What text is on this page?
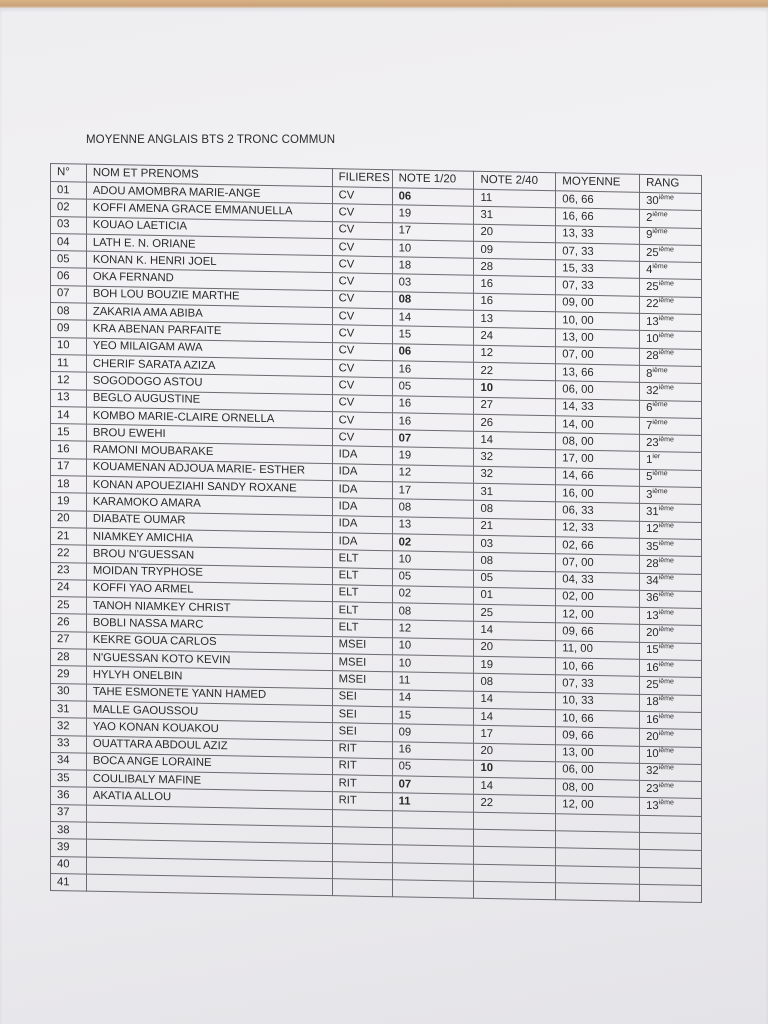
MOYENNE ANGLAIS BTS 2 TRONC COMMUN
N°	NOM ET PRENOMS	FILIERES	NOTE 1/20	NOTE 2/40	MOYENNE	RANG
01	ADOU AMOMBRA MARIE-ANGE	CV	06	11	06, 66	30ième
02	KOFFI AMENA GRACE EMMANUELLA	CV	19	31	16, 66	2ième
03	KOUAO LAETICIA	CV	17	20	13, 33	9ième
04	LATH E. N. ORIANE	CV	10	09	07, 33	25ième
05	KONAN K. HENRI JOEL	CV	18	28	15, 33	4ième
06	OKA FERNAND	CV	03	16	07, 33	25ième
07	BOH LOU BOUZIE MARTHE	CV	08	16	09, 00	22ième
08	ZAKARIA AMA ABIBA	CV	14	13	10, 00	13ième
09	KRA ABENAN PARFAITE	CV	15	24	13, 00	10ième
10	YEO MILAIGAM AWA	CV	06	12	07, 00	28ième
11	CHERIF SARATA AZIZA	CV	16	22	13, 66	8ième
12	SOGODOGO ASTOU	CV	05	10	06, 00	32ième
13	BEGLO AUGUSTINE	CV	16	27	14, 33	6ième
14	KOMBO MARIE-CLAIRE ORNELLA	CV	16	26	14, 00	7ième
15	BROU EWEHI	CV	07	14	08, 00	23ième
16	RAMONI MOUBARAKE	IDA	19	32	17, 00	$1^{ier}$
17	KOUAMENAN ADJOUA MARIE- ESTHER	IDA	12	32	14, 66	5ième
18	KONAN APOUEZIAHI SANDY ROXANE	IDA	17	31	16, 00	3ième
19	KARAMOKO AMARA	IDA	08	08	06, 33	31ième
20	DIABATE OUMAR	IDA	13	21	12, 33	12ième
21	NIAMKEY AMICHIA	IDA	02	03	02, 66	35ième
22	BROU N'GUESSAN	ELT	10	08	07, 00	28ième
23	MOIDAN TRYPHOSE	ELT	05	05	04, 33	34ième
24	KOFFI YAO ARMEL	ELT	02	01	02, 00	36ième
25	TANOH NIAMKEY CHRIST	ELT	08	25	12, 00	13ième
26	BOBLI NASSA MARC	ELT	12	14	09, 66	20ième
27	KEKRE GOUA CARLOS	MSEI	10	20	11, 00	15ième
28	N'GUESSAN KOTO KEVIN	MSEI	10	19	10, 66	16ième
29	HYLYH ONELBIN	MSEI	11	08	07, 33	25ième
30	TAHE ESMONETE YANN HAMED	SEI	14	14	10, 33	18ième
31	MALLE GAOUSSOU	SEI	15	14	10, 66	16ième
32	YAO KONAN KOUAKOU	SEI	09	17	09, 66	20ième
33	OUATTARA ABDOUL AZIZ	RIT	16	20	13, 00	10ième
34	BOCA ANGE LORAINE	RIT	05	10	06, 00	32ième
35	COULIBALY MAFINE	RIT	07	14	08, 00	23ième
36	AKATIA ALLOU	RIT	11	22	12, 00	13ième
37						
38						
39						
40						
41						
